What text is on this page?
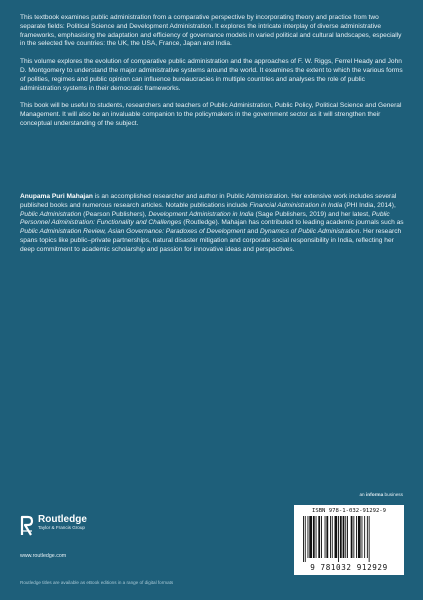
This textbook examines public administration from a comparative perspective by incorporating theory and practice from two separate fields: Political Science and Development Administration. It explores the intricate interplay of diverse administrative frameworks, emphasising the adaptation and efficiency of governance models in varied political and cultural landscapes, especially in the selected five countries: the UK, the USA, France, Japan and India.

This volume explores the evolution of comparative public administration and the approaches of F. W. Riggs, Ferrel Heady and John D. Montgomery to understand the major administrative systems around the world. It examines the extent to which the various forms of polities, regimes and public opinion can influence bureaucracies in multiple countries and analyses the role of public administration systems in their democratic frameworks.

This book will be useful to students, researchers and teachers of Public Administration, Public Policy, Political Science and General Management. It will also be an invaluable companion to the policymakers in the government sector as it will strengthen their conceptual understanding of the subject.

Anupama Puri Mahajan is an accomplished researcher and author in Public Administration. Her extensive work includes several published books and numerous research articles. Notable publications include Financial Administration in India (PHI India, 2014), Public Administration (Pearson Publishers), Development Administration in India (Sage Publishers, 2019) and her latest, Public Personnel Administration: Functionality and Challenges (Routledge). Mahajan has contributed to leading academic journals such as Public Administration Review, Asian Governance: Paradoxes of Development and Dynamics of Public Administration. Her research spans topics like public–private partnerships, natural disaster mitigation and corporate social responsibility in India, reflecting her deep commitment to academic scholarship and passion for innovative ideas and perspectives.

an informa business
Routledge
Taylor & Francis Group
www.routledge.com
ISBN 978-1-032-91292-9
9 781032 912929
Routledge titles are available as eBook editions in a range of digital formats
